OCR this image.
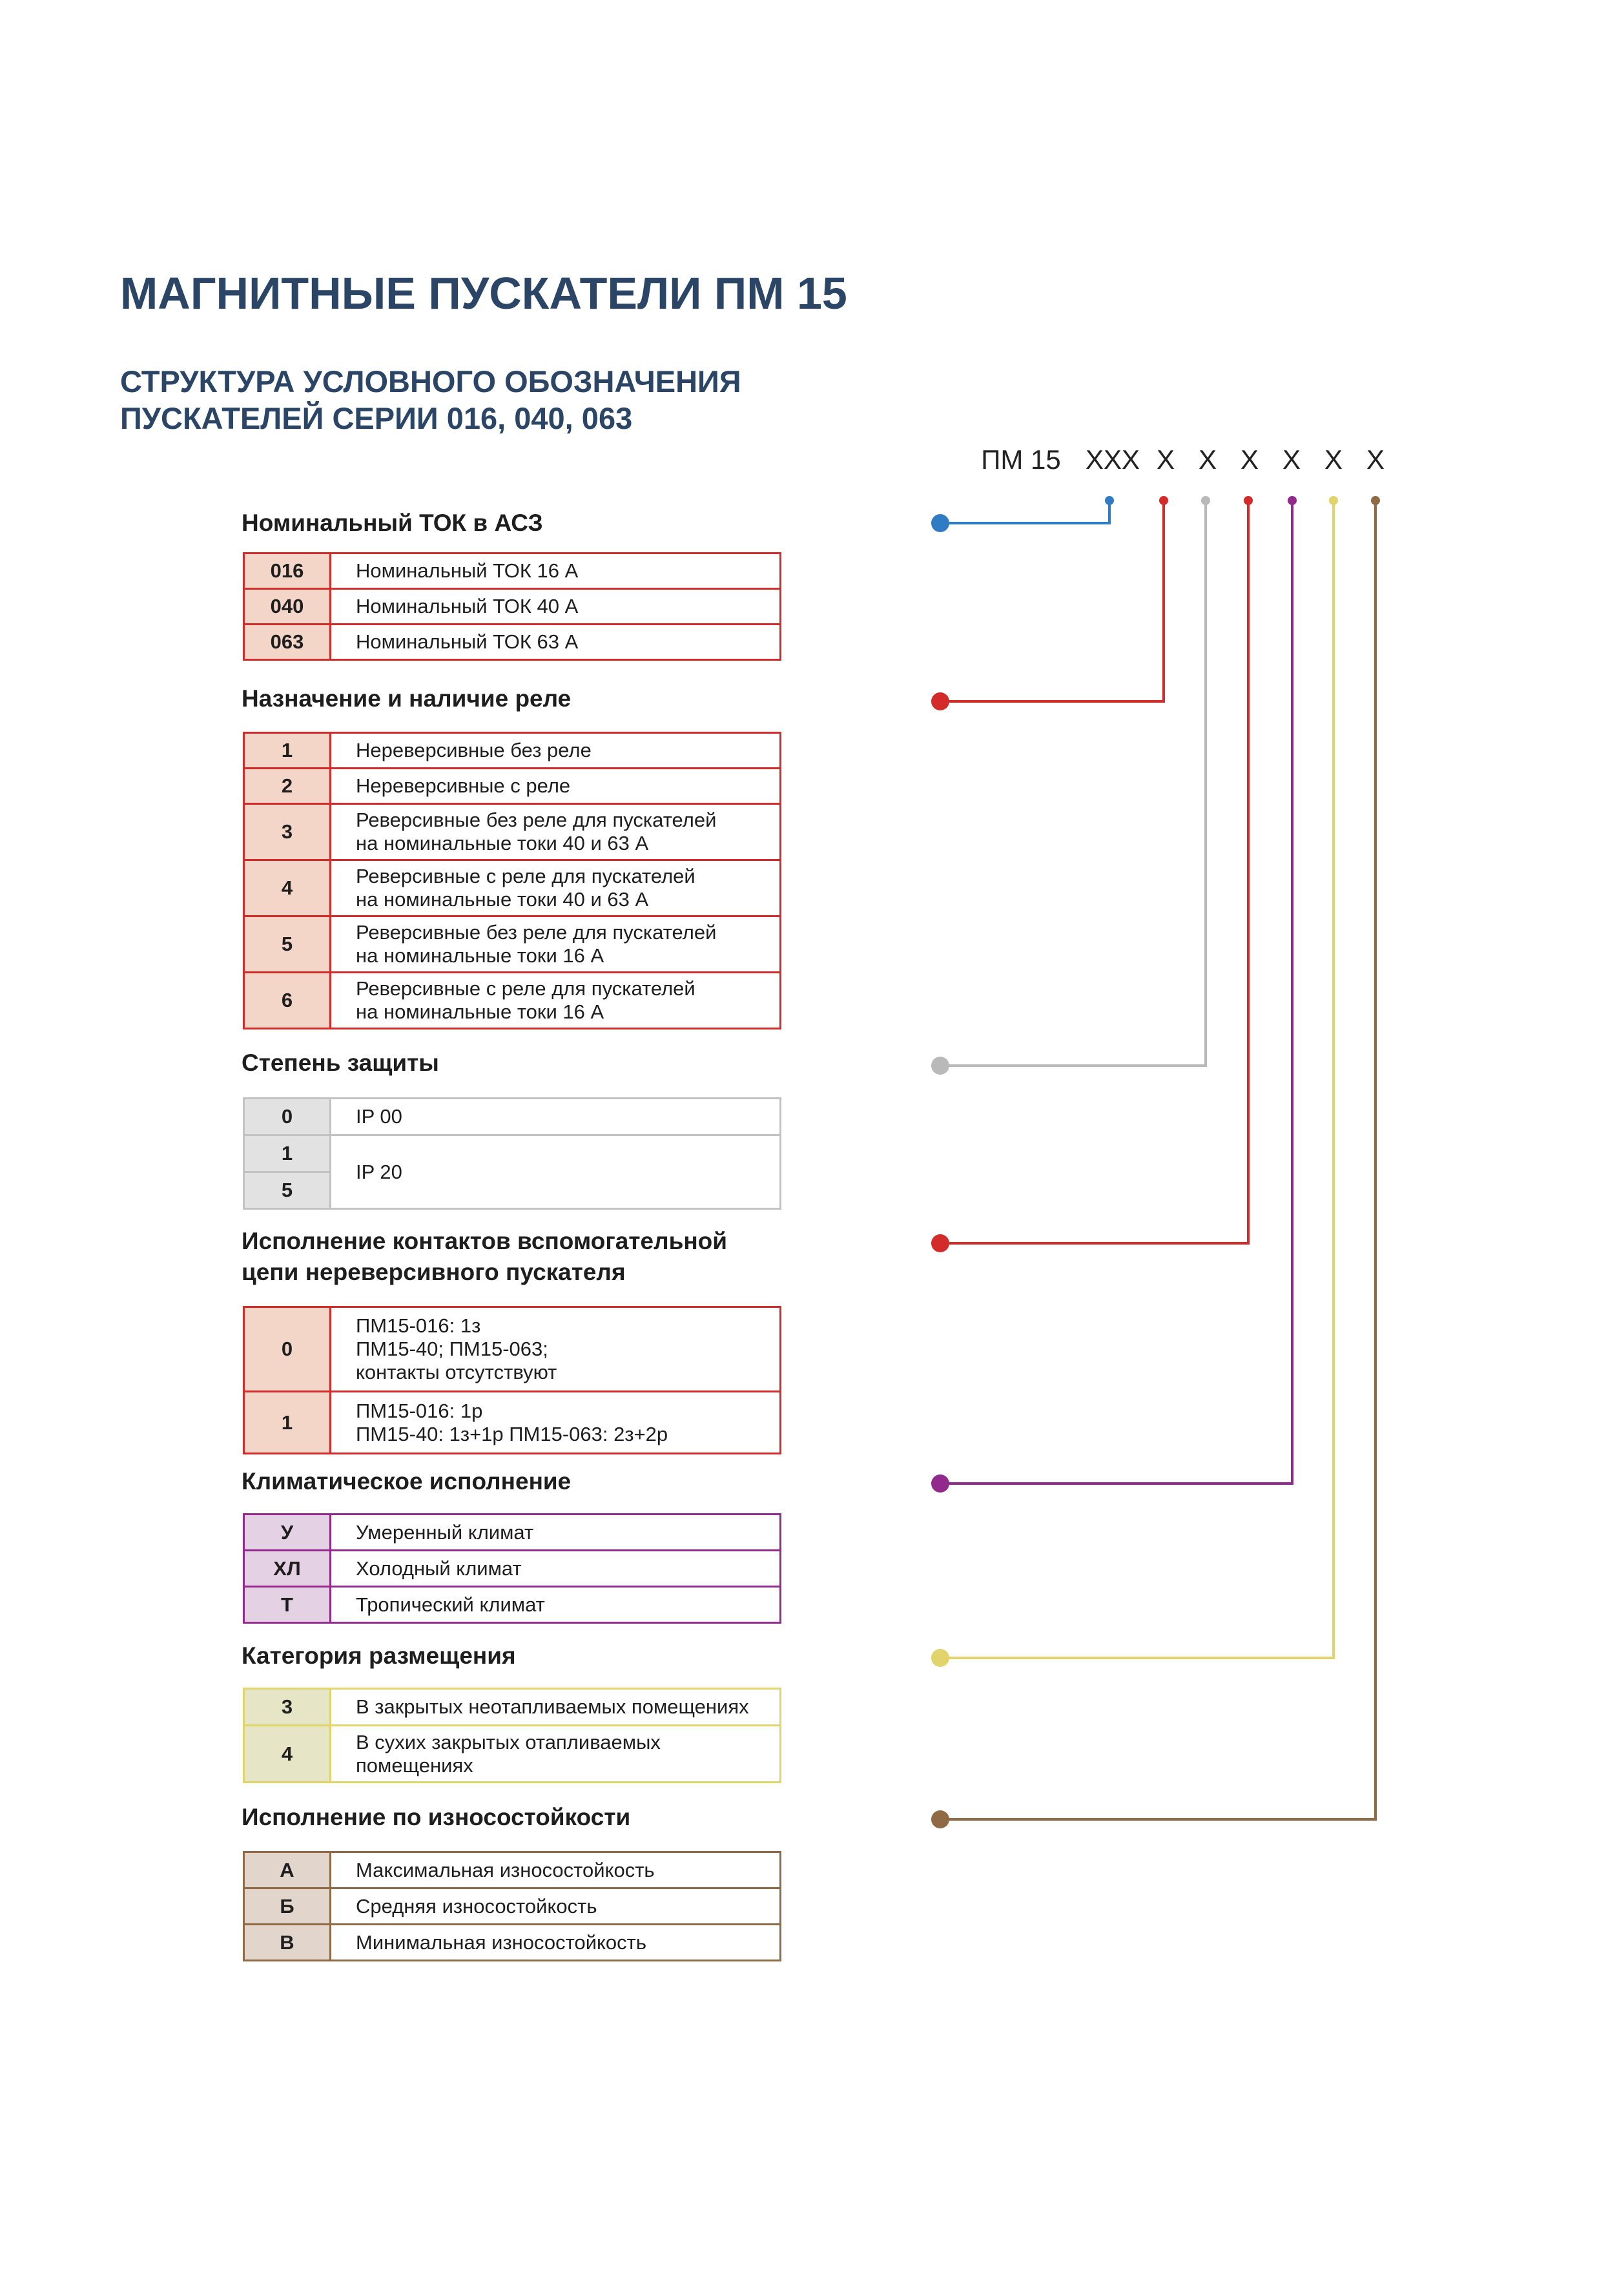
МАГНИТНЫЕ ПУСКАТЕЛИ ПМ 15
СТРУКТУРА УСЛОВНОГО ОБОЗНАЧЕНИЯ
ПУСКАТЕЛЕЙ СЕРИИ 016, 040, 063
ПМ 15 XXX X X X X X X
Номинальный ТОК в АСЗ
016	Номинальный ТОК 16 А
040	Номинальный ТОК 40 А
063	Номинальный ТОК 63 А
Назначение и наличие реле
1	Нереверсивные без реле
2	Нереверсивные с реле
3	Реверсивные без реле для пускателей
на номинальные токи 40 и 63 А

4	Реверсивные с реле для пускателей
на номинальные токи 40 и 63 А

5	Реверсивные без реле для пускателей
на номинальные токи 16 А

6	Реверсивные с реле для пускателей
на номинальные токи 16 А
Степень защиты
0	IP 00
1	IP 20
5	
Исполнение контактов вспомогательной
цепи нереверсивного пускателя
0	ПМ15-016: 1з
ПМ15-40; ПМ15-063;
контакты отсутствуют

1	ПМ15-016: 1р
ПМ15-40: 1з+1р ПМ15-063: 2з+2р
Климатическое исполнение
У	Умеренный климат
ХЛ	Холодный климат
Т	Тропический климат
Категория размещения
3	В закрытых неотапливаемых помещениях
4	В сухих закрытых отапливаемых
помещениях
Исполнение по износостойкости
А	Максимальная износостойкость
Б	Средняя износостойкость
В	Минимальная износостойкость
